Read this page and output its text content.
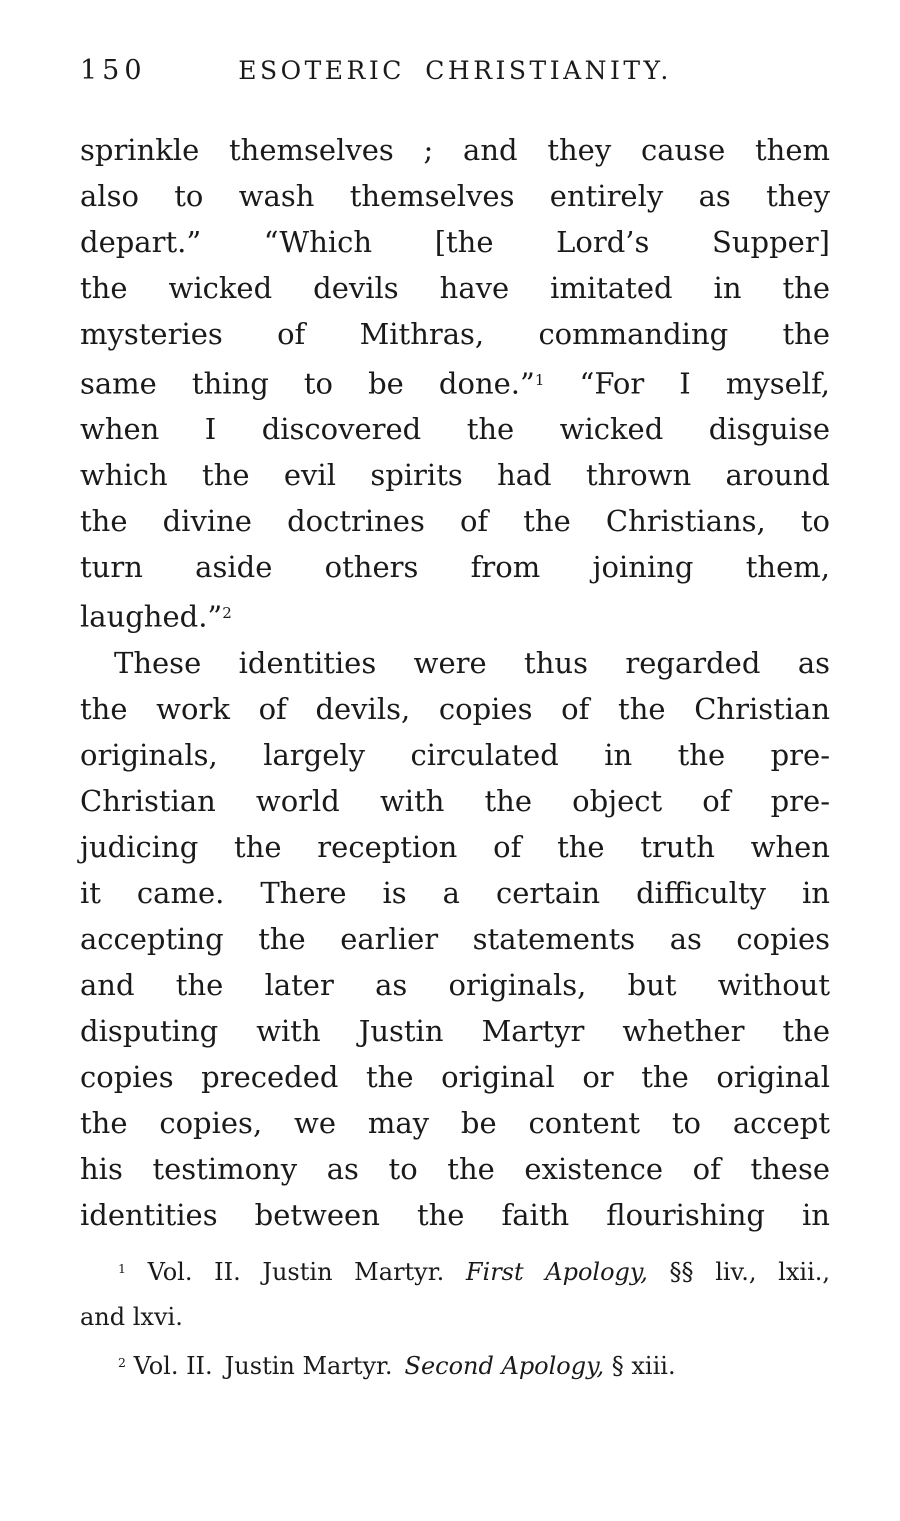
150	ESOTERIC CHRISTIANITY.
sprinkle themselves ; and they cause them
also to wash themselves entirely as they
depart.” “Which [the Lord’s Supper]
the wicked devils have imitated in the
mysteries of Mithras, commanding the
same thing to be done.”$^1$ “For I myself,
when I discovered the wicked disguise
which the evil spirits had thrown around
the divine doctrines of the Christians, to
turn aside others from joining them,
laughed.”$^2$
These identities were thus regarded as
the work of devils, copies of the Christian
originals, largely circulated in the pre-
Christian world with the object of pre-
judicing the reception of the truth when
it came. There is a certain difficulty in
accepting the earlier statements as copies
and the later as originals, but without
disputing with Justin Martyr whether the
copies preceded the original or the original
the copies, we may be content to accept
his testimony as to the existence of these
identities between the faith flourishing in
$^1$ Vol. II. Justin Martyr. First Apology, §§ liv., lxii.,
and lxvi.
$^2$ Vol. II. Justin Martyr. Second Apology, § xiii.
